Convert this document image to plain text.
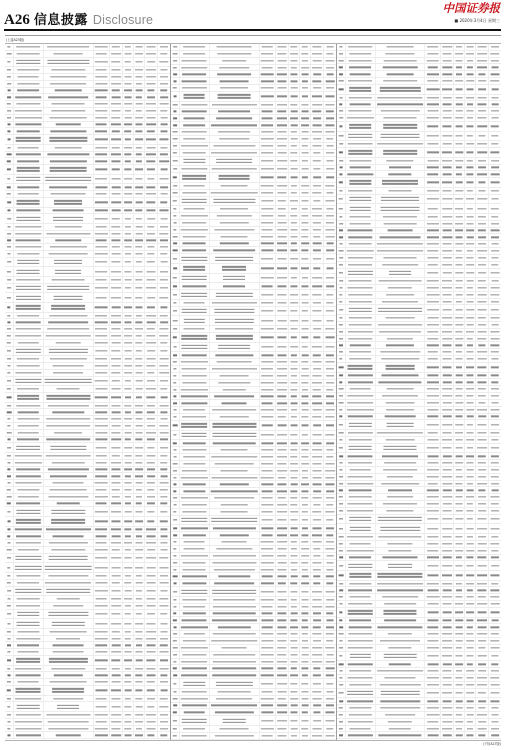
A26 信息披露 Disclosure
中国证券报
■ 2020年3月4日 星期三
(上接A25版)
(下转A27版)
